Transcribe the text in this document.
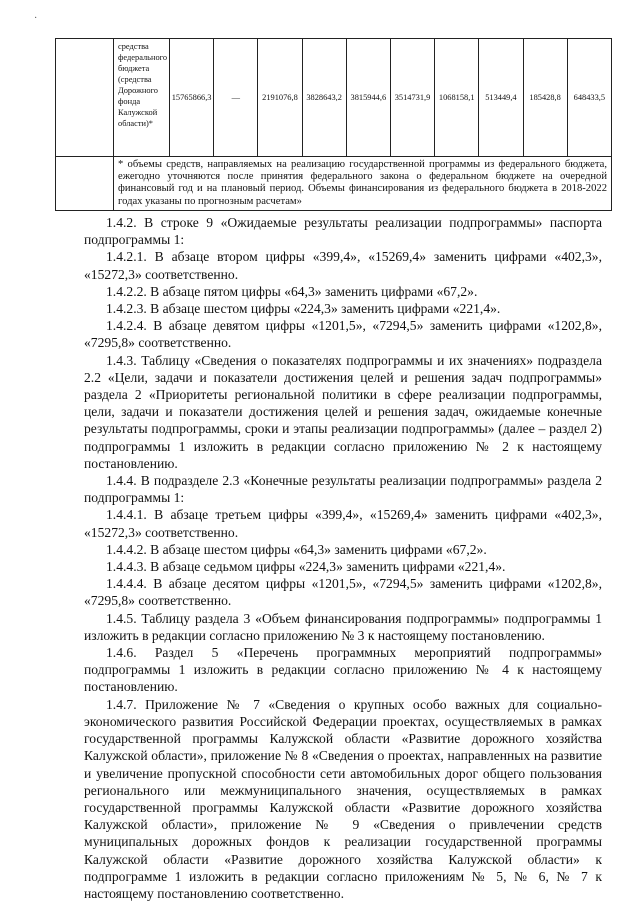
·
	средства федерального бюджета (средства Дорожного фонда Калужской области)*	15765866,3	—	2191076,8	3828643,2	3815944,6	3514731,9	1068158,1	513449,4	185428,8	648433,5
	* объемы средств, направляемых на реализацию государственной программы из федерального бюджета, ежегодно уточняются после принятия федерального закона о федеральном бюджете на очередной финансовый год и на плановый период. Объемы финансирования из федерального бюджета в 2018-2022 годах указаны по прогнозным расчетам»										

1.4.2. В строке 9 «Ожидаемые результаты реализации подпрограммы» паспорта подпрограммы 1:

1.4.2.1. В абзаце втором цифры «399,4», «15269,4» заменить цифрами «402,3», «15272,3» соответственно.

1.4.2.2. В абзаце пятом цифры «64,3» заменить цифрами «67,2».

1.4.2.3. В абзаце шестом цифры «224,3» заменить цифрами «221,4».

1.4.2.4. В абзаце девятом цифры «1201,5», «7294,5» заменить цифрами «1202,8», «7295,8» соответственно.

1.4.3. Таблицу «Сведения о показателях подпрограммы и их значениях» подраздела 2.2 «Цели, задачи и показатели достижения целей и решения задач подпрограммы» раздела 2 «Приоритеты региональной политики в сфере реализации подпрограммы, цели, задачи и показатели достижения целей и решения задач, ожидаемые конечные результаты подпрограммы, сроки и этапы реализации подпрограммы» (далее – раздел 2) подпрограммы 1 изложить в редакции согласно приложению № 2 к настоящему постановлению.

1.4.4. В подразделе 2.3 «Конечные результаты реализации подпрограммы» раздела 2 подпрограммы 1:

1.4.4.1. В абзаце третьем цифры «399,4», «15269,4» заменить цифрами «402,3», «15272,3» соответственно.

1.4.4.2. В абзаце шестом цифры «64,3» заменить цифрами «67,2».

1.4.4.3. В абзаце седьмом цифры «224,3» заменить цифрами «221,4».

1.4.4.4. В абзаце десятом цифры «1201,5», «7294,5» заменить цифрами «1202,8», «7295,8» соответственно.

1.4.5. Таблицу раздела 3 «Объем финансирования подпрограммы» подпрограммы 1 изложить в редакции согласно приложению № 3 к настоящему постановлению.

1.4.6. Раздел 5 «Перечень программных мероприятий подпрограммы» подпрограммы 1 изложить в редакции согласно приложению № 4 к настоящему постановлению.

1.4.7. Приложение № 7 «Сведения о крупных особо важных для социально-экономического развития Российской Федерации проектах, осуществляемых в рамках государственной программы Калужской области «Развитие дорожного хозяйства Калужской области», приложение № 8 «Сведения о проектах, направленных на развитие и увеличение пропускной способности сети автомобильных дорог общего пользования регионального или межмуниципального значения, осуществляемых в рамках государственной программы Калужской области «Развитие дорожного хозяйства Калужской области», приложение № 9 «Сведения о привлечении средств муниципальных дорожных фондов к реализации государственной программы Калужской области «Развитие дорожного хозяйства Калужской области» к подпрограмме 1 изложить в редакции согласно приложениям № 5, № 6, № 7 к настоящему постановлению соответственно.
